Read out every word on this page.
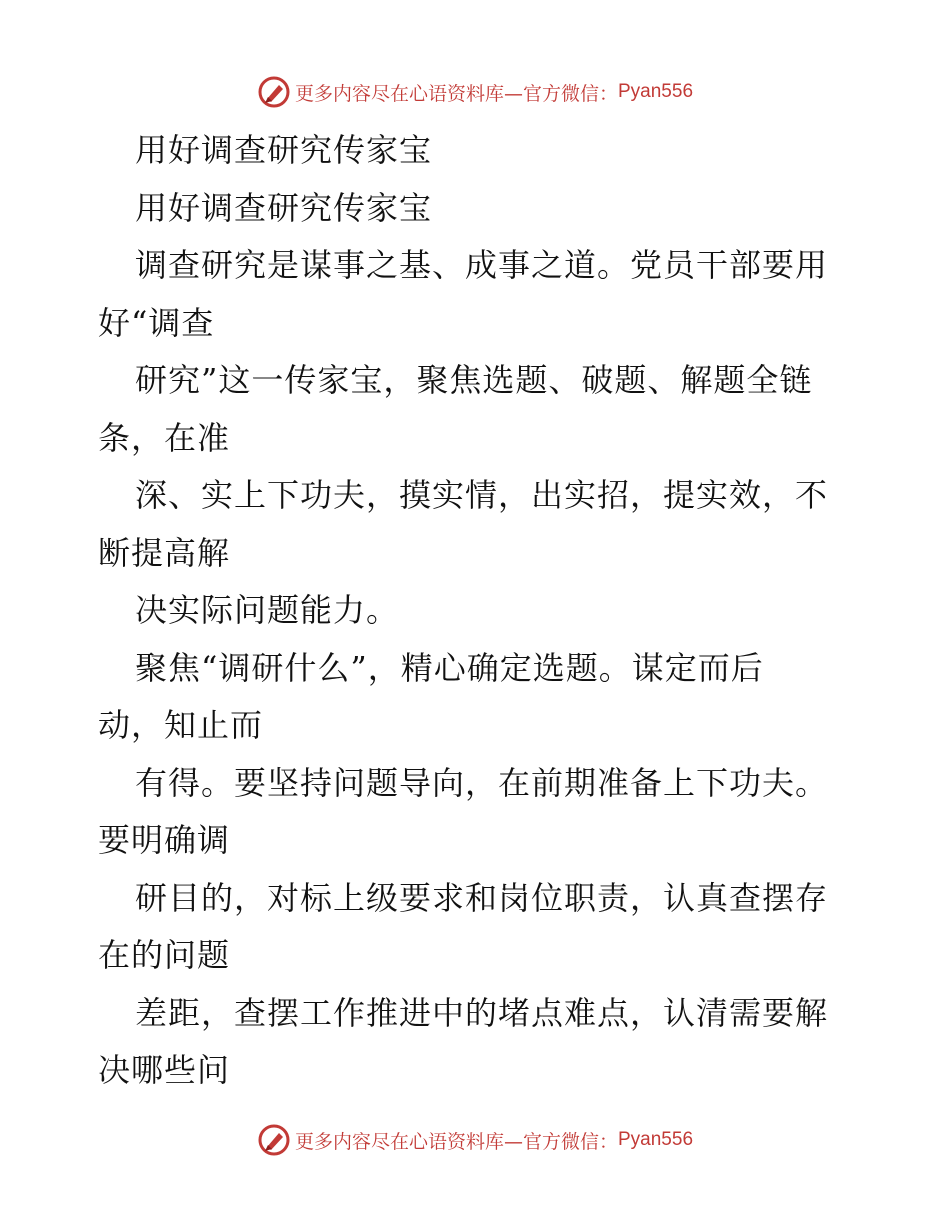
更多内容尽在心语资料库—官方微信： Pyan556
用好调查研究传家宝
用好调查研究传家宝
调查研究是谋事之基、成事之道。党员干部要用
好“调查
研究”这一传家宝，聚焦选题、破题、解题全链
条，在准
深、实上下功夫，摸实情，出实招，提实效，不
断提高解
决实际问题能力。
聚焦“调研什么”，精心确定选题。谋定而后
动，知止而
有得。要坚持问题导向，在前期准备上下功夫。
要明确调
研目的，对标上级要求和岗位职责，认真查摆存
在的问题
差距，查摆工作推进中的堵点难点，认清需要解
决哪些问
更多内容尽在心语资料库—官方微信： Pyan556
